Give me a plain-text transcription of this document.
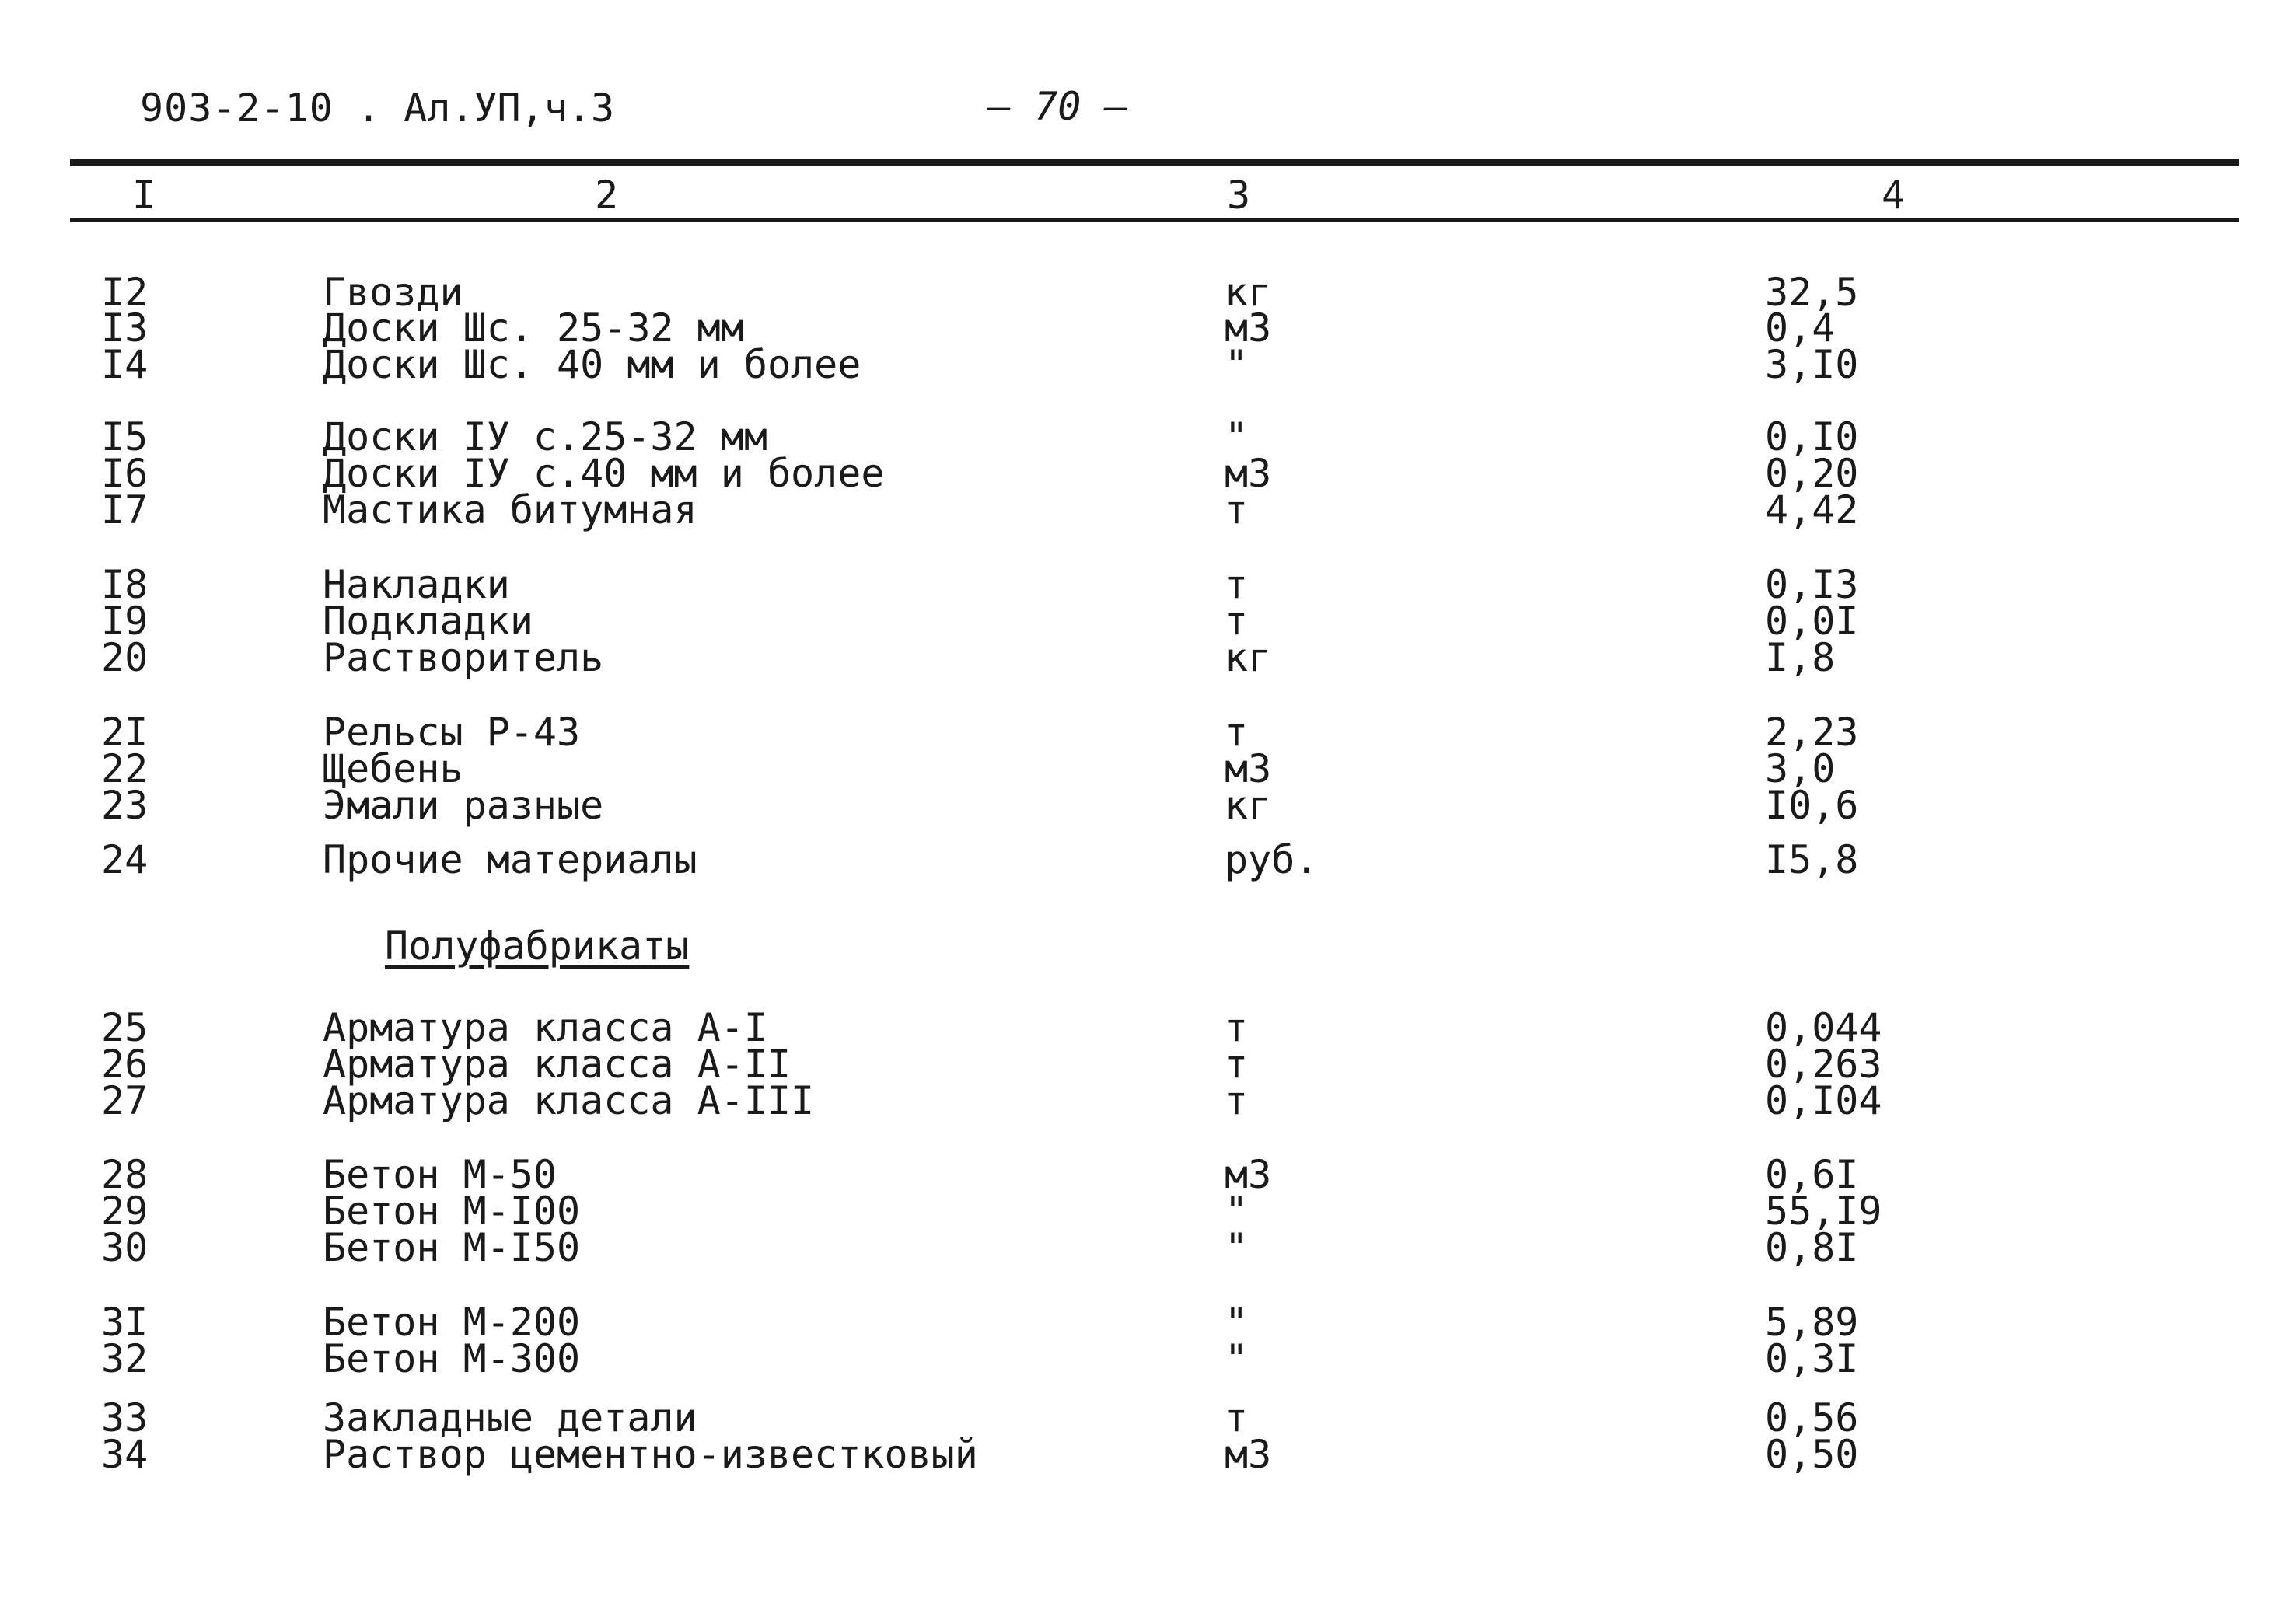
903-2-10 . Ал.УП,ч.3	– 70 –
I	2	3	4
I2	Гвозди	кг	32,5
I3	Доски Шс. 25-32 мм	м3	0,4
I4	Доски Шс. 40 мм и более	"	3,I0
I5	Доски IУ с.25-32 мм	"	0,I0
I6	Доски IУ с.40 мм и более	м3	0,20
I7	Мастика битумная	т	4,42
I8	Накладки	т	0,I3
I9	Подкладки	т	0,0I
20	Растворитель	кг	I,8
2I	Рельсы Р-43	т	2,23
22	Щебень	м3	3,0
23	Эмали разные	кг	I0,6
24	Прочие материалы	руб.	I5,8
25	Арматура класса А-I	т	0,044
26	Арматура класса А-II	т	0,263
27	Арматура класса А-III	т	0,I04
28	Бетон М-50	м3	0,6I
29	Бетон М-I00	"	55,I9
30	Бетон М-I50	"	0,8I
3I	Бетон М-200	"	5,89
32	Бетон М-300	"	0,3I
33	Закладные детали	т	0,56
34	Раствор цементно-известковый	м3	0,50
Полуфабрикаты
